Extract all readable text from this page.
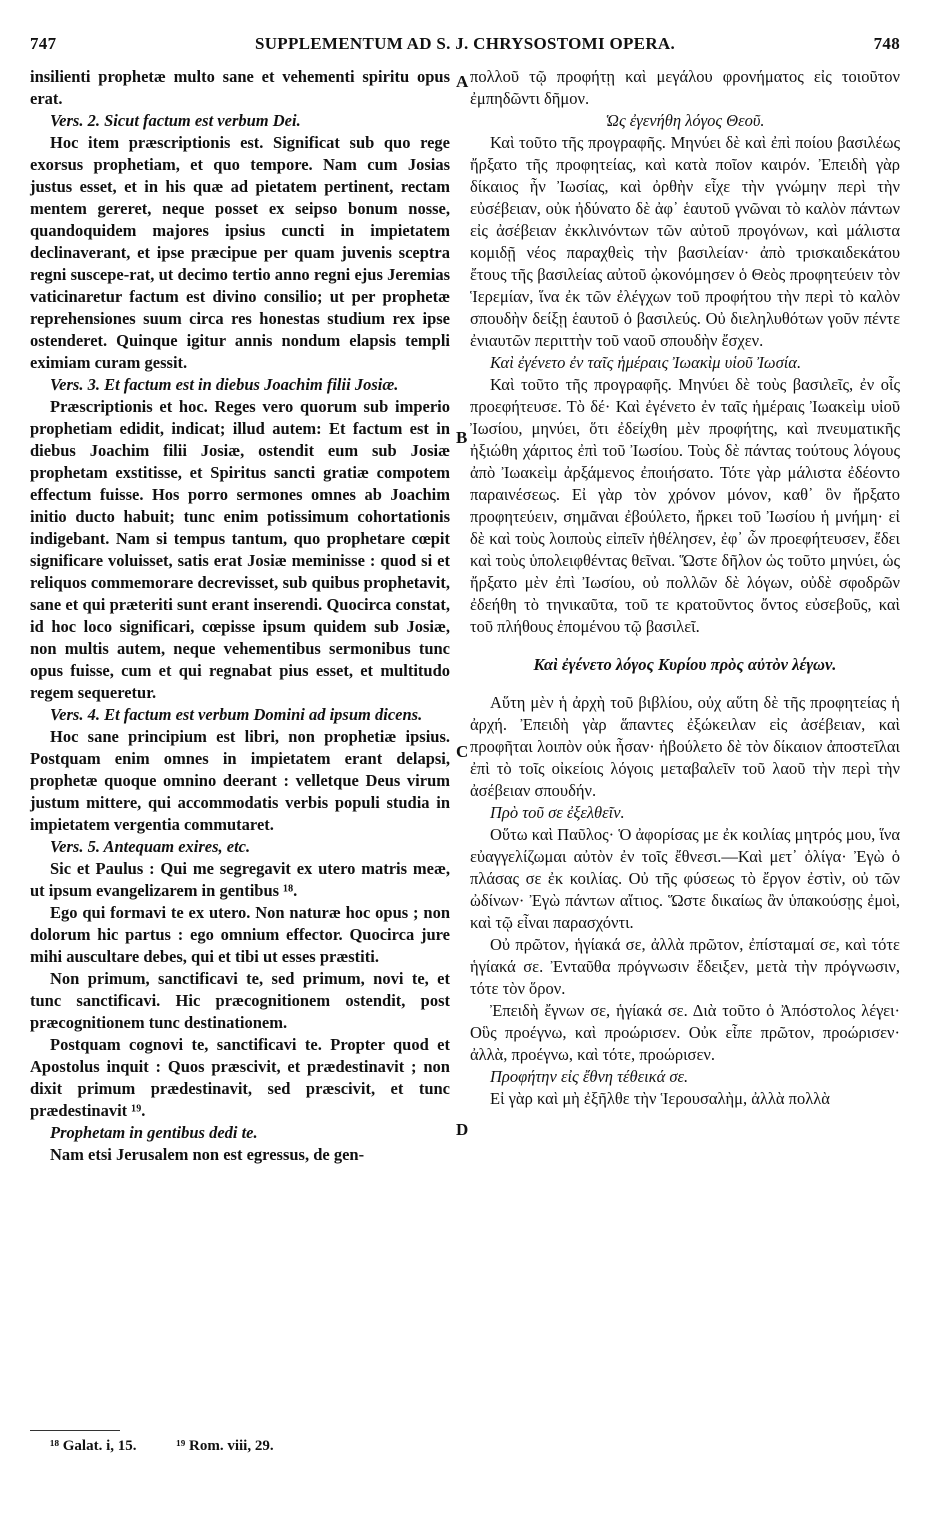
747	SUPPLEMENTUM AD S. J. CHRYSOSTOMI OPERA.	748

insilienti prophetæ multo sane et vehementi spiritu opus erat.

Vers. 2. Sicut factum est verbum Dei.

Hoc item præscriptionis est. Significat sub quo rege exorsus prophetiam, et quo tempore. Nam cum Josias justus esset, et in his quæ ad pietatem pertinent, rectam mentem gereret, neque posset ex seipso bonum nosse, quandoquidem majores ipsius cuncti in impietatem declinaverant, et ipse præcipue per quam juvenis sceptra regni suscepe-rat, ut decimo tertio anno regni ejus Jeremias vaticinaretur factum est divino consilio; ut per prophetæ reprehensiones suum circa res honestas studium rex ipse ostenderet. Quinque igitur annis nondum elapsis templi eximiam curam gessit.

Vers. 3. Et factum est in diebus Joachim filii Josiæ.

Præscriptionis et hoc. Reges vero quorum sub imperio prophetiam edidit, indicat; illud autem: Et factum est in diebus Joachim filii Josiæ, ostendit eum sub Josiæ prophetam exstitisse, et Spiritus sancti gratiæ compotem effectum fuisse. Hos porro sermones omnes ab Joachim initio ducto habuit; tunc enim potissimum cohortationis indigebant. Nam si tempus tantum, quo prophetare cœpit significare voluisset, satis erat Josiæ meminisse : quod si et reliquos commemorare decrevisset, sub quibus prophetavit, sane et qui præteriti sunt erant inserendi. Quocirca constat, id hoc loco significari, cœpisse ipsum quidem sub Josiæ, non multis autem, neque vehementibus sermonibus tunc opus fuisse, cum et qui regnabat pius esset, et multitudo regem sequeretur.

Vers. 4. Et factum est verbum Domini ad ipsum dicens.

Hoc sane principium est libri, non prophetiæ ipsius. Postquam enim omnes in impietatem erant delapsi, prophetæ quoque omnino deerant : velletque Deus virum justum mittere, qui accommodatis verbis populi studia in impietatem vergentia commutaret.

Vers. 5. Antequam exires, etc.

Sic et Paulus : Qui me segregavit ex utero matris meæ, ut ipsum evangelizarem in gentibus ¹⁸.

Ego qui formavi te ex utero. Non naturæ hoc opus ; non dolorum hic partus : ego omnium effector. Quocirca jure mihi auscultare debes, qui et tibi ut esses præstiti.

Non primum, sanctificavi te, sed primum, novi te, et tunc sanctificavi. Hic præcognitionem ostendit, post præcognitionem tunc destinationem.

Postquam cognovi te, sanctificavi te. Propter quod et Apostolus inquit : Quos præscivit, et prædestinavit ; non dixit primum prædestinavit, sed præscivit, et tunc prædestinavit ¹⁹.

Prophetam in gentibus dedi te.

Nam etsi Jerusalem non est egressus, de gen-

πολλοῦ τῷ προφήτῃ καὶ μεγάλου φρονήματος εἰς τοιοῦτον ἐμπηδῶντι δῆμον.

Ὡς ἐγενήθη λόγος Θεοῦ.

Καὶ τοῦτο τῆς προγραφῆς. Μηνύει δὲ καὶ ἐπὶ ποίου βασιλέως ἤρξατο τῆς προφητείας, καὶ κατὰ ποῖον καιρόν. Ἐπειδὴ γὰρ δίκαιος ἦν Ἰωσίας, καὶ ὀρθὴν εἶχε τὴν γνώμην περὶ τὴν εὐσέβειαν, οὐκ ἠδύνατο δὲ ἀφ᾽ ἑαυτοῦ γνῶναι τὸ καλὸν πάντων εἰς ἀσέβειαν ἐκκλινόντων τῶν αὐτοῦ προγόνων, καὶ μάλιστα κομιδῇ νέος παραχθεὶς τὴν βασιλείαν· ἀπὸ τρισκαιδεκάτου ἔτους τῆς βασιλείας αὐτοῦ ᾠκονόμησεν ὁ Θεὸς προφητεύειν τὸν Ἱερεμίαν, ἵνα ἐκ τῶν ἐλέγχων τοῦ προφήτου τὴν περὶ τὸ καλὸν σπουδὴν δείξῃ ἑαυτοῦ ὁ βασιλεύς. Οὐ διεληλυθότων γοῦν πέντε ἐνιαυτῶν περιττὴν τοῦ ναοῦ σπουδὴν ἔσχεν.

Καὶ ἐγένετο ἐν ταῖς ἡμέραις Ἰωακὶμ υἱοῦ Ἰωσία.

Καὶ τοῦτο τῆς προγραφῆς. Μηνύει δὲ τοὺς βασιλεῖς, ἐν οἷς προεφήτευσε. Τὸ δέ· Καὶ ἐγένετο ἐν ταῖς ἡμέραις Ἰωακεὶμ υἱοῦ Ἰωσίου, μηνύει, ὅτι ἐδείχθη μὲν προφήτης, καὶ πνευματικῆς ἠξιώθη χάριτος ἐπὶ τοῦ Ἰωσίου. Τοὺς δὲ πάντας τούτους λόγους ἀπὸ Ἰωακεὶμ ἀρξάμενος ἐποιήσατο. Τότε γὰρ μάλιστα ἐδέοντο παραινέσεως. Εἰ γὰρ τὸν χρόνον μόνον, καθ᾽ ὃν ἤρξατο προφητεύειν, σημᾶναι ἐβούλετο, ἤρκει τοῦ Ἰωσίου ἡ μνήμη· εἰ δὲ καὶ τοὺς λοιποὺς εἰπεῖν ἠθέλησεν, ἐφ᾽ ὧν προεφήτευσεν, ἔδει καὶ τοὺς ὑπολειφθέντας θεῖναι. Ὥστε δῆλον ὡς τοῦτο μηνύει, ὡς ἤρξατο μὲν ἐπὶ Ἰωσίου, οὐ πολλῶν δὲ λόγων, οὐδὲ σφοδρῶν ἐδεήθη τὸ τηνικαῦτα, τοῦ τε κρατοῦντος ὄντος εὐσεβοῦς, καὶ τοῦ πλήθους ἑπομένου τῷ βασιλεῖ.

Καὶ ἐγένετο λόγος Κυρίου πρὸς αὐτὸν λέγων.

Αὕτη μὲν ἡ ἀρχὴ τοῦ βιβλίου, οὐχ αὕτη δὲ τῆς προφητείας ἡ ἀρχή. Ἐπειδὴ γὰρ ἅπαντες ἐξώκειλαν εἰς ἀσέβειαν, καὶ προφῆται λοιπὸν οὐκ ἦσαν· ἠβούλετο δὲ τὸν δίκαιον ἀποστεῖλαι ἐπὶ τὸ τοῖς οἰκείοις λόγοις μεταβαλεῖν τοῦ λαοῦ τὴν περὶ τὴν ἀσέβειαν σπουδήν.

Πρὸ τοῦ σε ἐξελθεῖν.

Οὕτω καὶ Παῦλος· Ὁ ἀφορίσας με ἐκ κοιλίας μητρός μου, ἵνα εὐαγγελίζωμαι αὐτὸν ἐν τοῖς ἔθνεσι.—Καὶ μετ᾽ ὀλίγα· Ἐγὼ ὁ πλάσας σε ἐκ κοιλίας. Οὐ τῆς φύσεως τὸ ἔργον ἐστὶν, οὐ τῶν ὠδίνων· Ἐγὼ πάντων αἴτιος. Ὥστε δικαίως ἂν ὑπακούσῃς ἐμοὶ, καὶ τῷ εἶναι παρασχόντι.

Οὐ πρῶτον, ἡγίακά σε, ἀλλὰ πρῶτον, ἐπίσταμαί σε, καὶ τότε ἡγίακά σε. Ἐνταῦθα πρόγνωσιν ἔδειξεν, μετὰ τὴν πρόγνωσιν, τότε τὸν ὅρον.

Ἐπειδὴ ἔγνων σε, ἡγίακά σε. Διὰ τοῦτο ὁ Ἀπόστολος λέγει· Οὓς προέγνω, καὶ προώρισεν. Οὐκ εἶπε πρῶτον, προώρισεν· ἀλλὰ, προέγνω, καὶ τότε, προώρισεν.

Προφήτην εἰς ἔθνη τέθεικά σε.

Εἰ γὰρ καὶ μὴ ἐξῆλθε τὴν Ἱερουσαλὴμ, ἀλλὰ πολλὰ

A
B
C
D
¹⁸ Galat. i, 15.	¹⁹ Rom. viii, 29.
